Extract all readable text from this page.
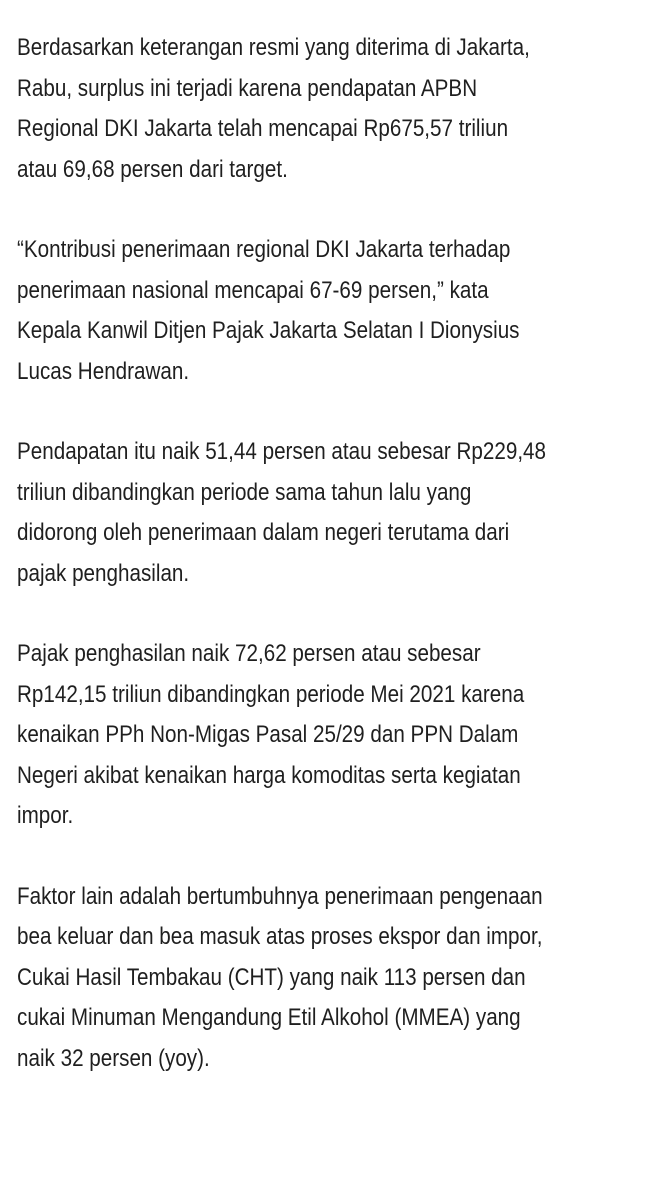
Berdasarkan keterangan resmi yang diterima di Jakarta,
Rabu, surplus ini terjadi karena pendapatan APBN
Regional DKI Jakarta telah mencapai Rp675,57 triliun
atau 69,68 persen dari target.

“Kontribusi penerimaan regional DKI Jakarta terhadap
penerimaan nasional mencapai 67-69 persen,” kata
Kepala Kanwil Ditjen Pajak Jakarta Selatan I Dionysius
Lucas Hendrawan.

Pendapatan itu naik 51,44 persen atau sebesar Rp229,48
triliun dibandingkan periode sama tahun lalu yang
didorong oleh penerimaan dalam negeri terutama dari
pajak penghasilan.

Pajak penghasilan naik 72,62 persen atau sebesar
Rp142,15 triliun dibandingkan periode Mei 2021 karena
kenaikan PPh Non-Migas Pasal 25/29 dan PPN Dalam
Negeri akibat kenaikan harga komoditas serta kegiatan
impor.

Faktor lain adalah bertumbuhnya penerimaan pengenaan
bea keluar dan bea masuk atas proses ekspor dan impor,
Cukai Hasil Tembakau (CHT) yang naik 113 persen dan
cukai Minuman Mengandung Etil Alkohol (MMEA) yang
naik 32 persen (yoy).
